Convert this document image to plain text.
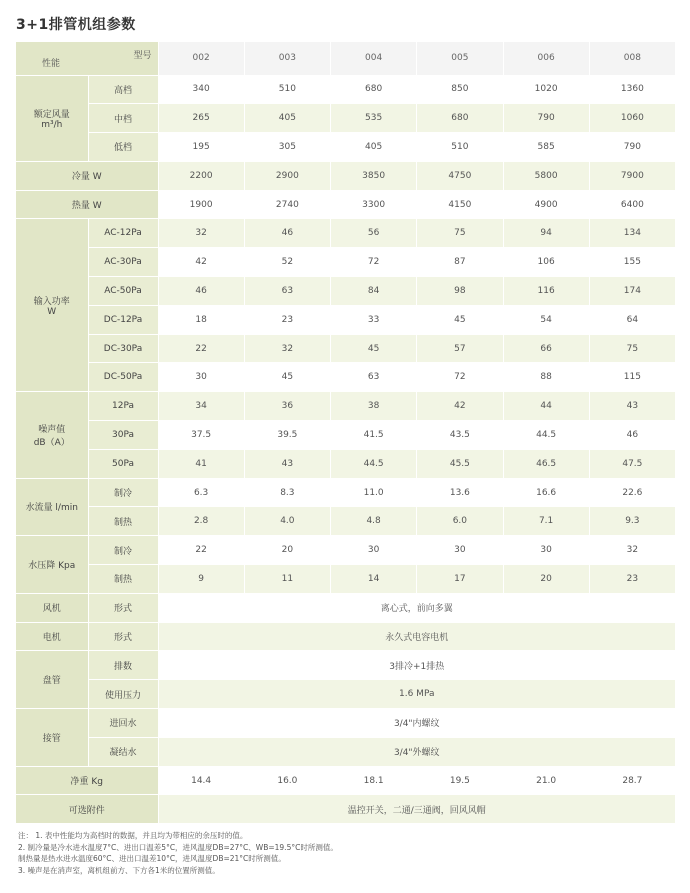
3+1排管机组参数
型号
性能		002	003	004	005	006	008

额定风量
m³/h	高档	340	510	680	850	1020	1360
	中档	265	405	535	680	790	1060
	低档	195	305	405	510	585	790
冷量 W		2200	2900	3850	4750	5800	7900
热量 W		1900	2740	3300	4150	4900	6400

输入功率
W	AC-12Pa	32	46	56	75	94	134
	AC-30Pa	42	52	72	87	106	155
	AC-50Pa	46	63	84	98	116	174
	DC-12Pa	18	23	33	45	54	64
	DC-30Pa	22	32	45	57	66	75
	DC-50Pa	30	45	63	72	88	115

噪声值
dB（A）	12Pa	34	36	38	42	44	43
	30Pa	37.5	39.5	41.5	43.5	44.5	46
	50Pa	41	43	44.5	45.5	46.5	47.5

水流量 l/min	制冷	6.3	8.3	11.0	13.6	16.6	22.6
	制热	2.8	4.0	4.8	6.0	7.1	9.3

水压降 Kpa	制冷	22	20	30	30	30	32
	制热	9	11	14	17	20	23
风机	形式	离心式，前向多翼					
电机	形式	永久式电容电机					

盘管	排数	3排冷+1排热					
	使用压力	1.6 MPa					

接管	进回水	3/4"内螺纹					
	凝结水	3/4"外螺纹					
净重 Kg		14.4	16.0	18.1	19.5	21.0	28.7
可选附件		温控开关，二通/三通阀，回风风帽					
注： 1. 表中性能均为高档时的数据，并且均为带相应的余压时的值。
2. 制冷量是冷水进水温度7°C、进出口温差5°C，进风温度DB=27°C、WB=19.5°C时所测值。
制热量是热水进水温度60°C、进出口温差10°C，进风温度DB=21°C时所测值。
3. 噪声是在消声室，离机组前方、下方各1米的位置所测值。
